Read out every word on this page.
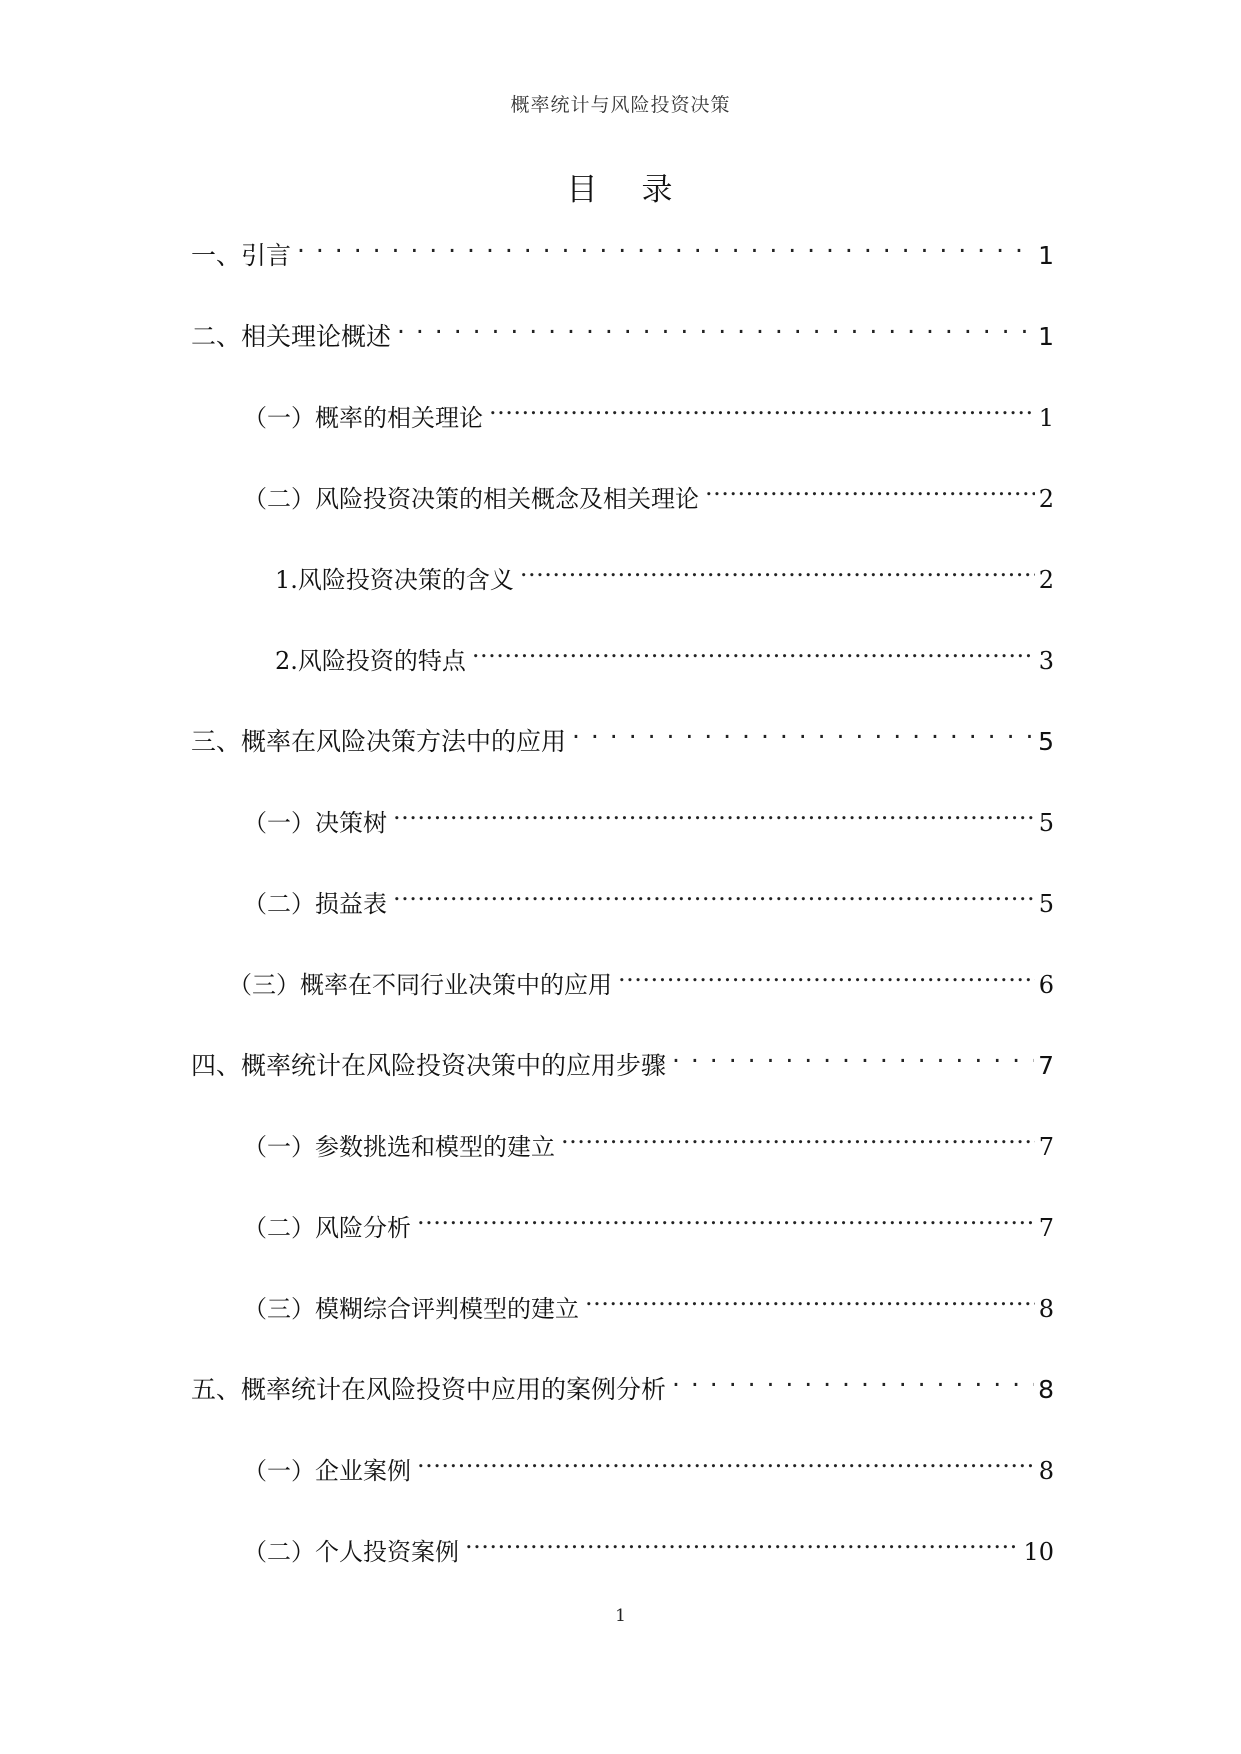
概率统计与风险投资决策
目 录
一、引言 . . .	1
二、相关理论概述 . . .	1
（一）概率的相关理论 .....	1
（二）风险投资决策的相关概念及相关理论 .....	2
1.风险投资决策的含义 .....	2
2.风险投资的特点 .....	3
三、概率在风险决策方法中的应用 . . .	5
（一）决策树 .....	5
（二）损益表 .....	5
（三）概率在不同行业决策中的应用 .....	6
四、概率统计在风险投资决策中的应用步骤 . . .	7
（一）参数挑选和模型的建立 .....	7
（二）风险分析 .....	7
（三）模糊综合评判模型的建立 .....	8
五、概率统计在风险投资中应用的案例分析 . . .	8
（一）企业案例 .....	8
（二）个人投资案例 .....	10
1
